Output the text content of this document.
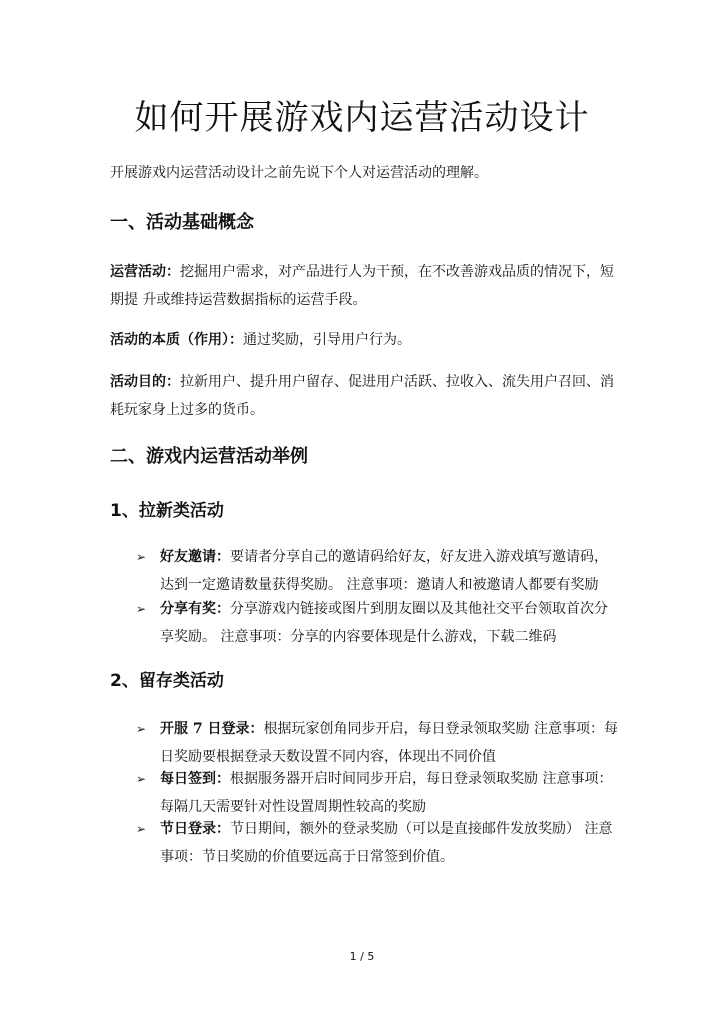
如何开展游戏内运营活动设计
开展游戏内运营活动设计之前先说下个人对运营活动的理解。
一、活动基础概念
运营活动：挖掘用户需求，对产品进行人为干预，在不改善游戏品质的情况下，短期提 升或维持运营数据指标的运营手段。
活动的本质（作用）：通过奖励，引导用户行为。
活动目的：拉新用户、提升用户留存、促进用户活跃、拉收入、流失用户召回、消耗玩家身上过多的货币。
二、游戏内运营活动举例
1、拉新类活动
➢ 好友邀请：要请者分享自己的邀请码给好友，好友进入游戏填写邀请码，达到一定邀请数量获得奖励。 注意事项：邀请人和被邀请人都要有奖励
➢ 分享有奖：分享游戏内链接或图片到朋友圈以及其他社交平台领取首次分享奖励。 注意事项：分享的内容要体现是什么游戏，下载二维码
2、留存类活动
➢ 开服 7 日登录：根据玩家创角同步开启，每日登录领取奖励 注意事项：每日奖励要根据登录天数设置不同内容，体现出不同价值
➢ 每日签到：根据服务器开启时间同步开启，每日登录领取奖励 注意事项：每隔几天需要针对性设置周期性较高的奖励
➢ 节日登录：节日期间，额外的登录奖励（可以是直接邮件发放奖励） 注意事项：节日奖励的价值要远高于日常签到价值。
1 / 5
